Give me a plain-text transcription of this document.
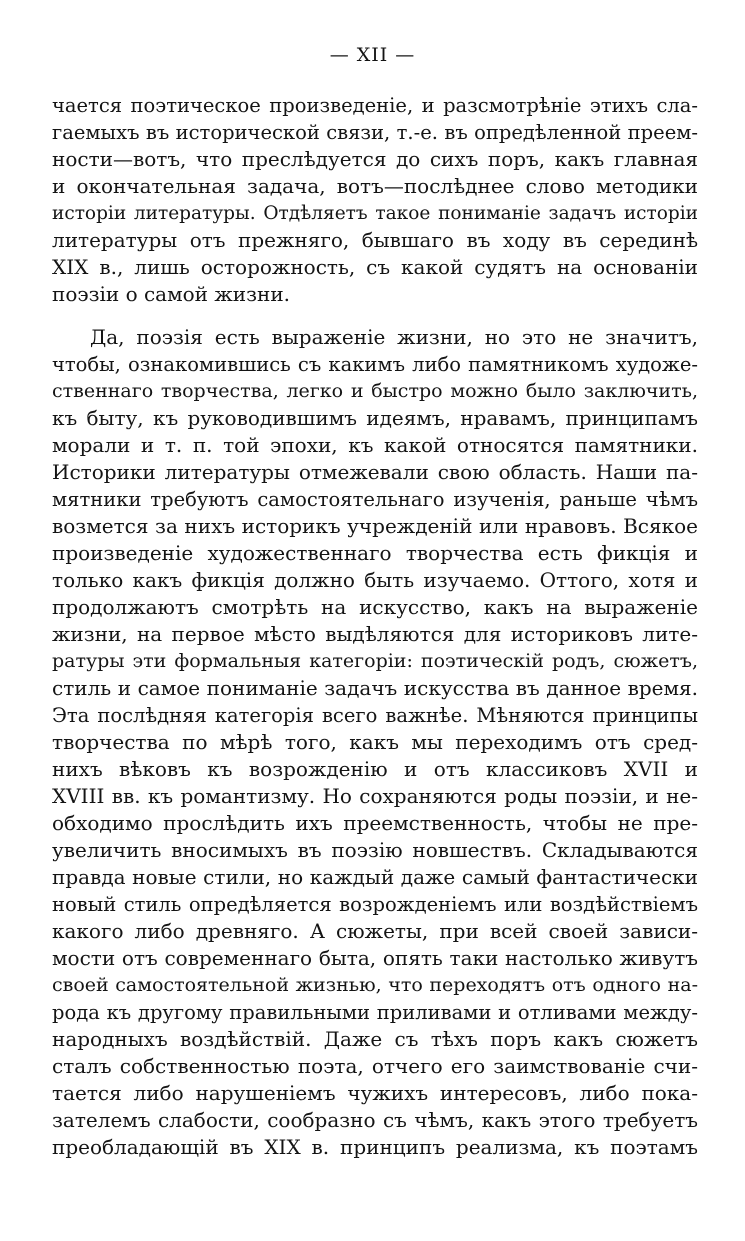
— XII —
чается поэтическое произведеніе, и разсмотрѣніе этихъ сла-
гаемыхъ въ исторической связи, т.-е. въ опредѣленной преем-
ности—вотъ, что преслѣдуется до сихъ поръ, какъ главная
и окончательная задача, вотъ—послѣднее слово методики
исторіи литературы. Отдѣляетъ такое пониманіе задачъ исторіи
литературы отъ прежняго, бывшаго въ ходу въ серединѣ
XIX в., лишь осторожность, съ какой судятъ на основаніи
поэзіи о самой жизни.
Да, поэзія есть выраженіе жизни, но это не значитъ,
чтобы, ознакомившись съ какимъ либо памятникомъ художе-
ственнаго творчества, легко и быстро можно было заключить,
къ быту, къ руководившимъ идеямъ, нравамъ, принципамъ
морали и т. п. той эпохи, къ какой относятся памятники.
Историки литературы отмежевали свою область. Наши па-
мятники требуютъ самостоятельнаго изученія, раньше чѣмъ
возмется за нихъ историкъ учрежденій или нравовъ. Всякое
произведеніе художественнаго творчества есть фикція и
только какъ фикція должно быть изучаемо. Оттого, хотя и
продолжаютъ смотрѣть на искусство, какъ на выраженіе
жизни, на первое мѣсто выдѣляются для историковъ лите-
ратуры эти формальныя категоріи: поэтическій родъ, сюжетъ,
стиль и самое пониманіе задачъ искусства въ данное время.
Эта послѣдняя категорія всего важнѣе. Мѣняются принципы
творчества по мѣрѣ того, какъ мы переходимъ отъ сред-
нихъ вѣковъ къ возрожденію и отъ классиковъ XVII и
XVIII вв. къ романтизму. Но сохраняются роды поэзіи, и не-
обходимо прослѣдить ихъ преемственность, чтобы не пре-
увеличить вносимыхъ въ поэзію новшествъ. Складываются
правда новые стили, но каждый даже самый фантастически
новый стиль опредѣляется возрожденіемъ или воздѣйствіемъ
какого либо древняго. А сюжеты, при всей своей зависи-
мости отъ современнаго быта, опять таки настолько живутъ
своей самостоятельной жизнью, что переходятъ отъ одного на-
рода къ другому правильными приливами и отливами между-
народныхъ воздѣйствій. Даже съ тѣхъ поръ какъ сюжетъ
сталъ собственностью поэта, отчего его заимствованіе счи-
тается либо нарушеніемъ чужихъ интересовъ, либо пока-
зателемъ слабости, сообразно съ чѣмъ, какъ этого требуетъ
преобладающій въ XIX в. принципъ реализма, къ поэтамъ
